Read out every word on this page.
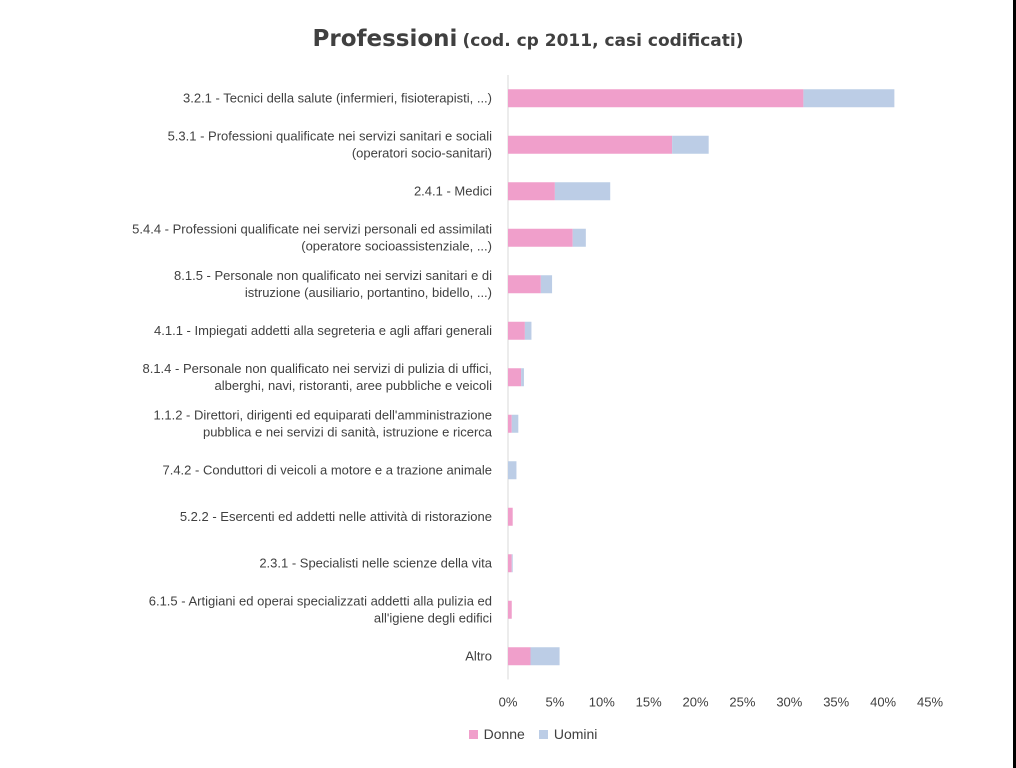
Professioni (cod. cp 2011, casi codificati)
3.2.1 - Tecnici della salute (infermieri, fisioterapisti, ...)
5.3.1 - Professioni qualificate nei servizi sanitari e sociali (operatori socio-sanitari)
2.4.1 - Medici
5.4.4 - Professioni qualificate nei servizi personali ed assimilati (operatore socioassistenziale, ...)
8.1.5 - Personale non qualificato nei servizi sanitari e di istruzione (ausiliario, portantino, bidello, ...)
4.1.1 - Impiegati addetti alla segreteria e agli affari generali
8.1.4 - Personale non qualificato nei servizi di pulizia di uffici, alberghi, navi, ristoranti, aree pubbliche e veicoli
1.1.2 - Direttori, dirigenti ed equiparati dell'amministrazione pubblica e nei servizi di sanità, istruzione e ricerca
7.4.2 - Conduttori di veicoli a motore e a trazione animale
5.2.2 - Esercenti ed addetti nelle attività di ristorazione
2.3.1 - Specialisti nelle scienze della vita
6.1.5 - Artigiani ed operai specializzati addetti alla pulizia ed all'igiene degli edifici
Altro
0% 5% 10% 15% 20% 25% 30% 35% 40% 45%
Donne Uomini
